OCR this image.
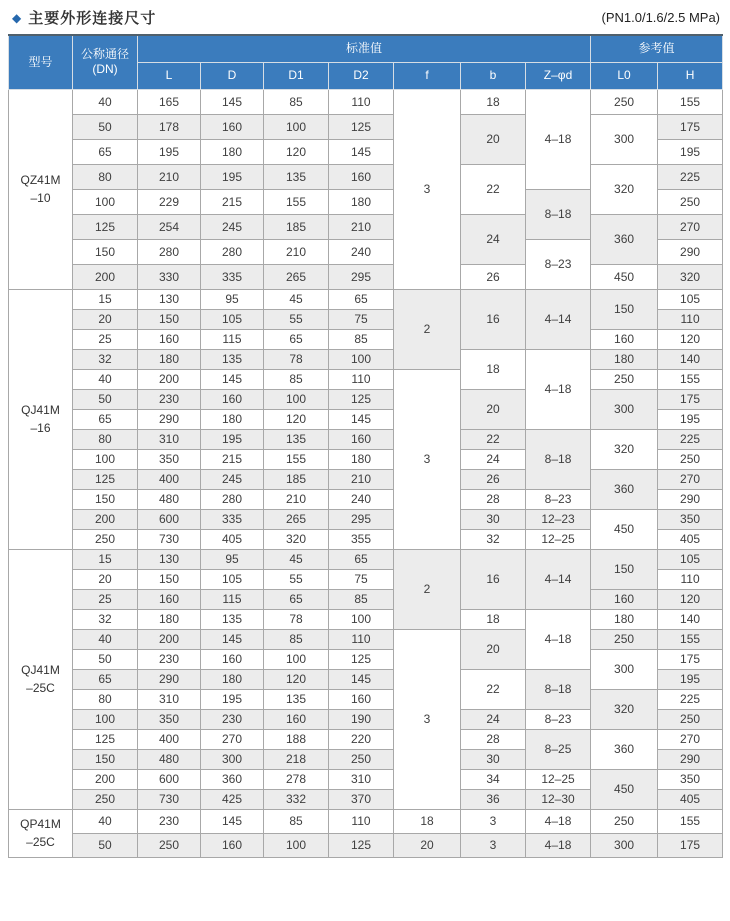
◆ 主要外形连接尺寸	(PN1.0/1.6/2.5 MPa)
型号	公称通径
(DN)	标准值							参考值	
		L	D	D1	D2	f	b	Z–φd	L0	H

QZ41M
–10	40	165	145	85	110	3	18	4–18	250	155
	50	178	160	100	125		20		300	175
	65	195	180	120	145					195
	80	210	195	135	160		22		320	225
	100	229	215	155	180			8–18		250
	125	254	245	185	210		24		360	270
	150	280	280	210	240			8–23		290
	200	330	335	265	295		26		450	320

QJ41M
–16	15	130	95	45	65	2	16	4–14	150	105
	20	150	105	55	75					110
	25	160	115	65	85				160	120
	32	180	135	78	100		18	4–18	180	140
	40	200	145	85	110	3			250	155
	50	230	160	100	125		20		300	175
	65	290	180	120	145					195
	80	310	195	135	160		22	8–18	320	225
	100	350	215	155	180		24			250
	125	400	245	185	210		26		360	270
	150	480	280	210	240		28	8–23		290
	200	600	335	265	295		30	12–23	450	350
	250	730	405	320	355		32	12–25		405

QJ41M
–25C	15	130	95	45	65	2	16	4–14	150	105
	20	150	105	55	75					110
	25	160	115	65	85				160	120
	32	180	135	78	100		18	4–18	180	140
	40	200	145	85	110	3	20		250	155
	50	230	160	100	125				300	175
	65	290	180	120	145		22	8–18		195
	80	310	195	135	160				320	225
	100	350	230	160	190		24	8–23		250
	125	400	270	188	220		28	8–25	360	270
	150	480	300	218	250		30			290
	200	600	360	278	310		34	12–25	450	350
	250	730	425	332	370		36	12–30		405

QP41M
–25C	40	230	145	85	110	18	3	4–18	250	155
	50	250	160	100	125	20	3	4–18	300	175
